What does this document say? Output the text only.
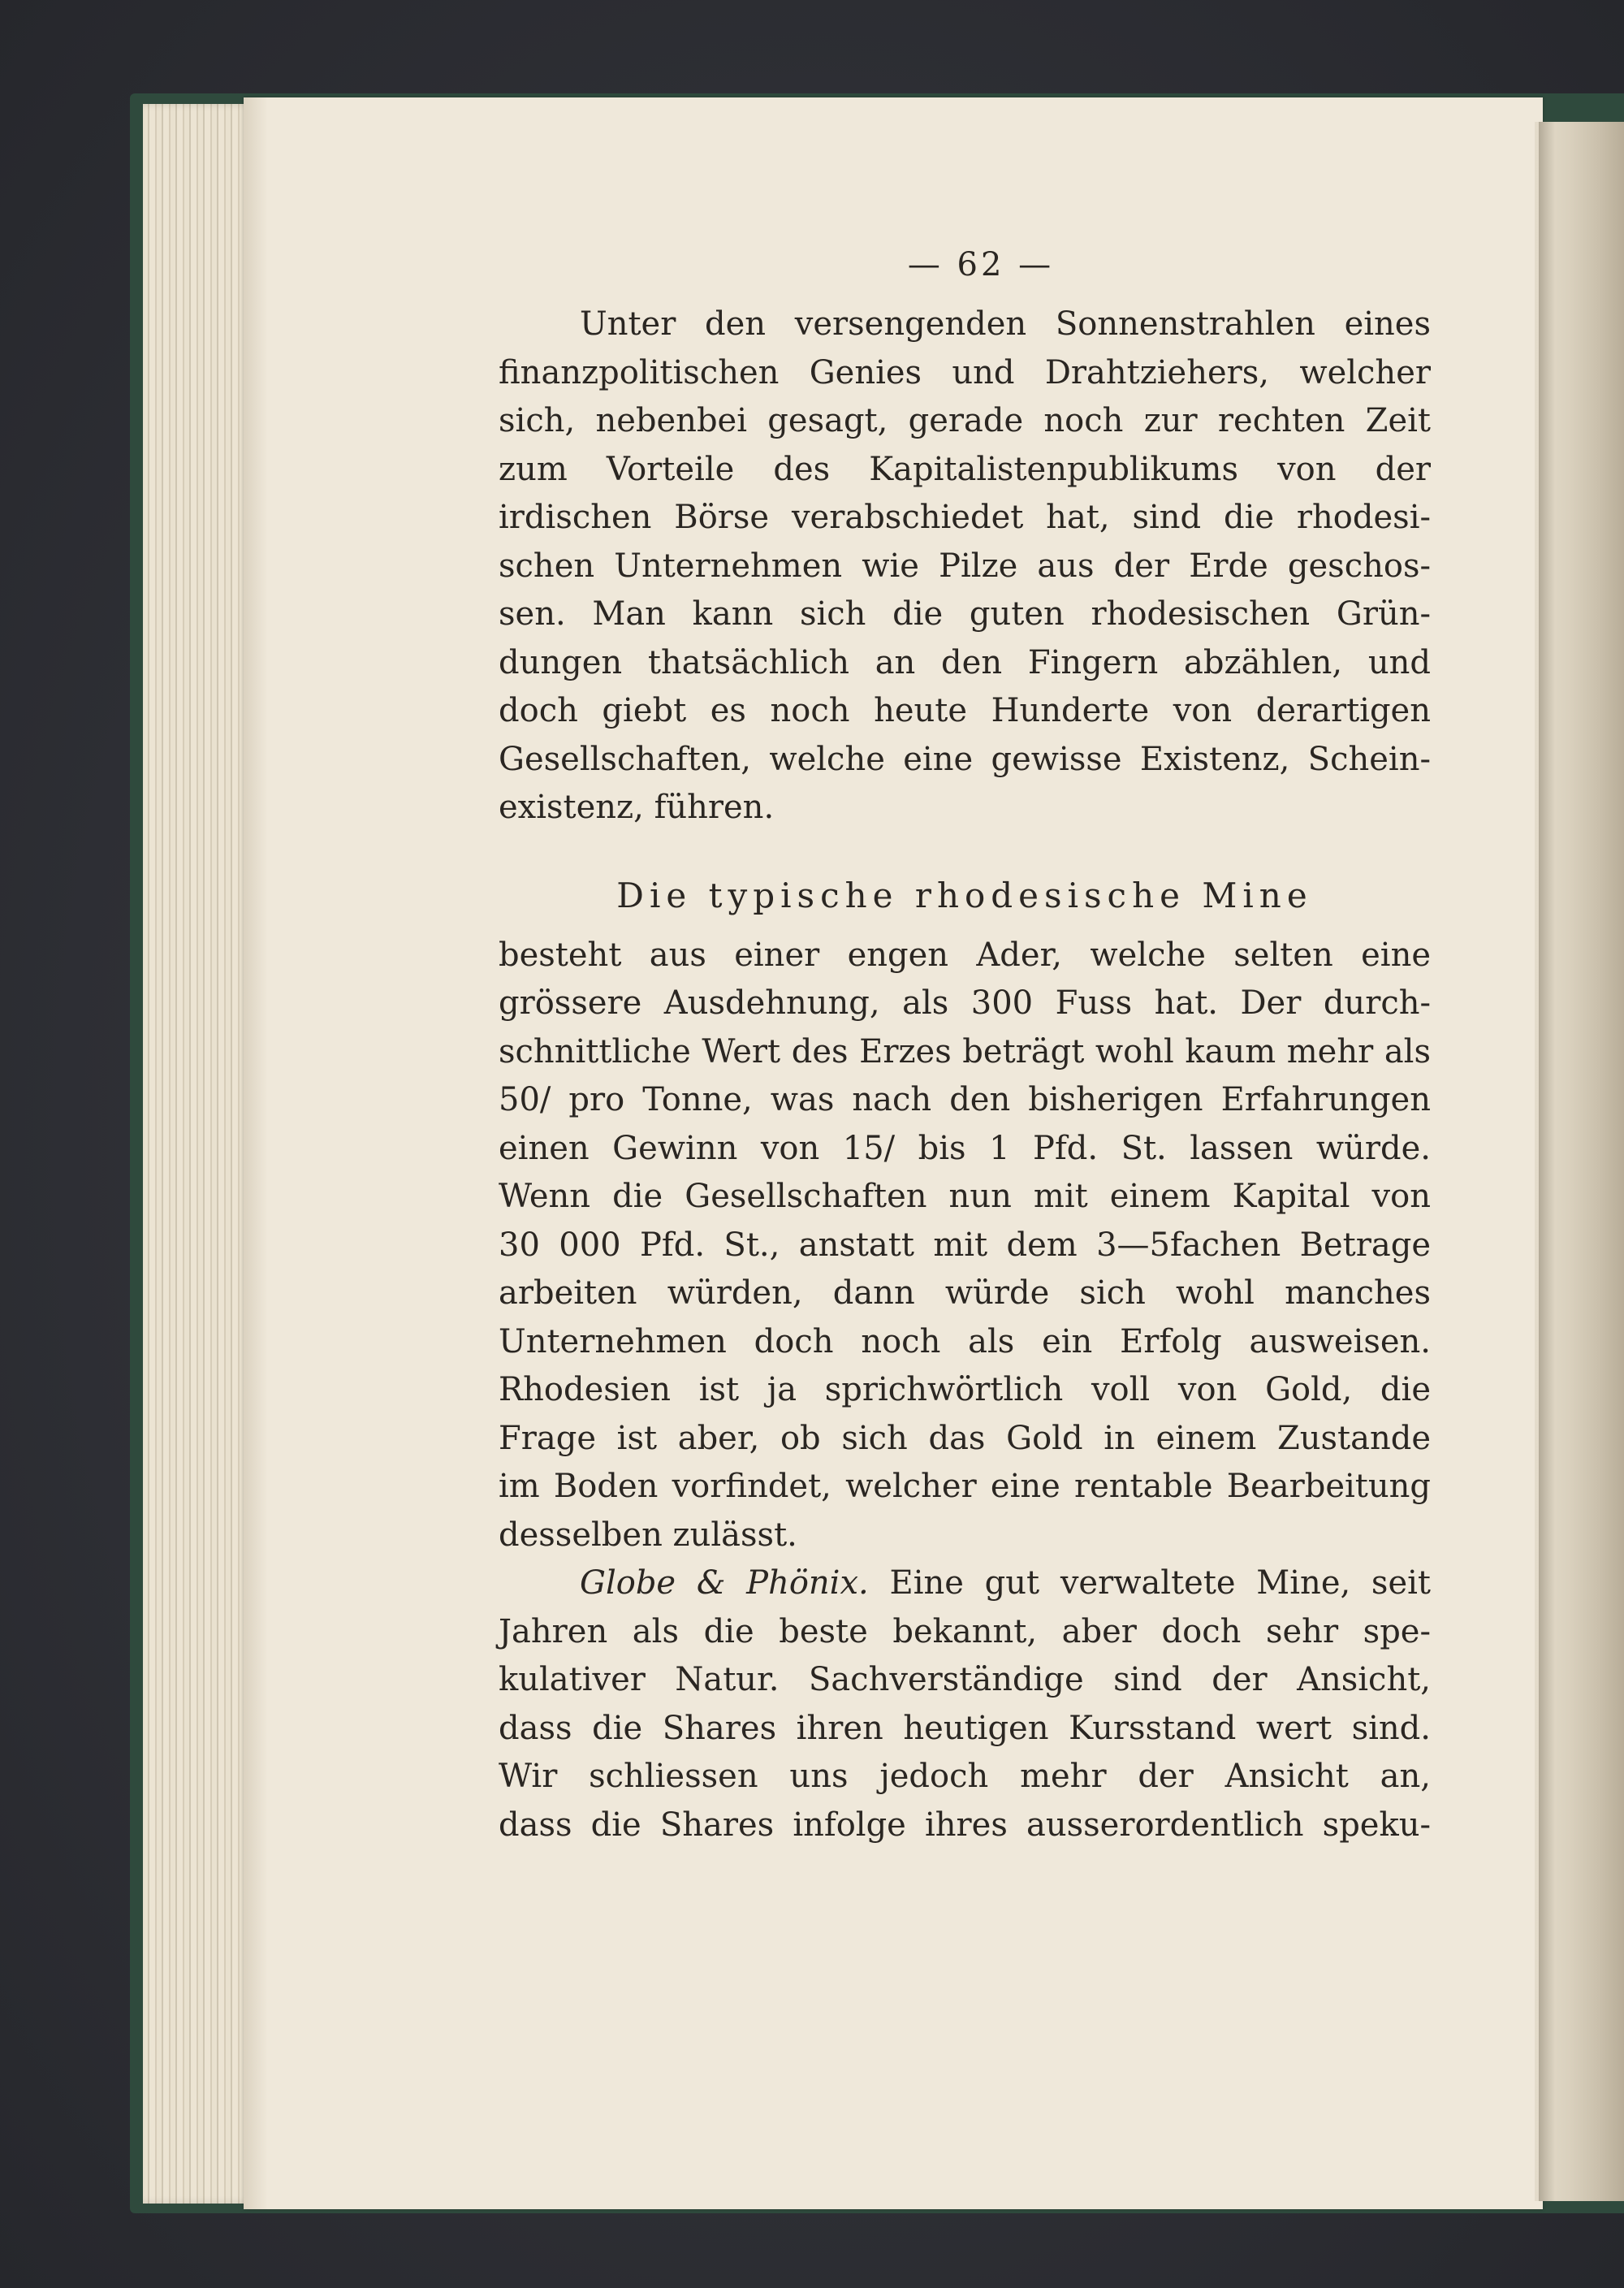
— 62 —
Unter den versengenden Sonnenstrahlen eines
finanzpolitischen Genies und Drahtziehers, welcher
sich, nebenbei gesagt, gerade noch zur rechten Zeit
zum Vorteile des Kapitalistenpublikums von der
irdischen Börse verabschiedet hat, sind die rhodesi-
schen Unternehmen wie Pilze aus der Erde geschos-
sen. Man kann sich die guten rhodesischen Grün-
dungen thatsächlich an den Fingern abzählen, und
doch giebt es noch heute Hunderte von derartigen
Gesellschaften, welche eine gewisse Existenz, Schein-
existenz, führen.
Die typische rhodesische Mine
besteht aus einer engen Ader, welche selten eine
grössere Ausdehnung, als 300 Fuss hat. Der durch-
schnittliche Wert des Erzes beträgt wohl kaum mehr als
50/ pro Tonne, was nach den bisherigen Erfahrungen
einen Gewinn von 15/ bis 1 Pfd. St. lassen würde.
Wenn die Gesellschaften nun mit einem Kapital von
30 000 Pfd. St., anstatt mit dem 3—5fachen Betrage
arbeiten würden, dann würde sich wohl manches
Unternehmen doch noch als ein Erfolg ausweisen.
Rhodesien ist ja sprichwörtlich voll von Gold, die
Frage ist aber, ob sich das Gold in einem Zustande
im Boden vorfindet, welcher eine rentable Bearbeitung
desselben zulässt.
Globe & Phönix. Eine gut verwaltete Mine, seit
Jahren als die beste bekannt, aber doch sehr spe-
kulativer Natur. Sachverständige sind der Ansicht,
dass die Shares ihren heutigen Kursstand wert sind.
Wir schliessen uns jedoch mehr der Ansicht an,
dass die Shares infolge ihres ausserordentlich speku-
